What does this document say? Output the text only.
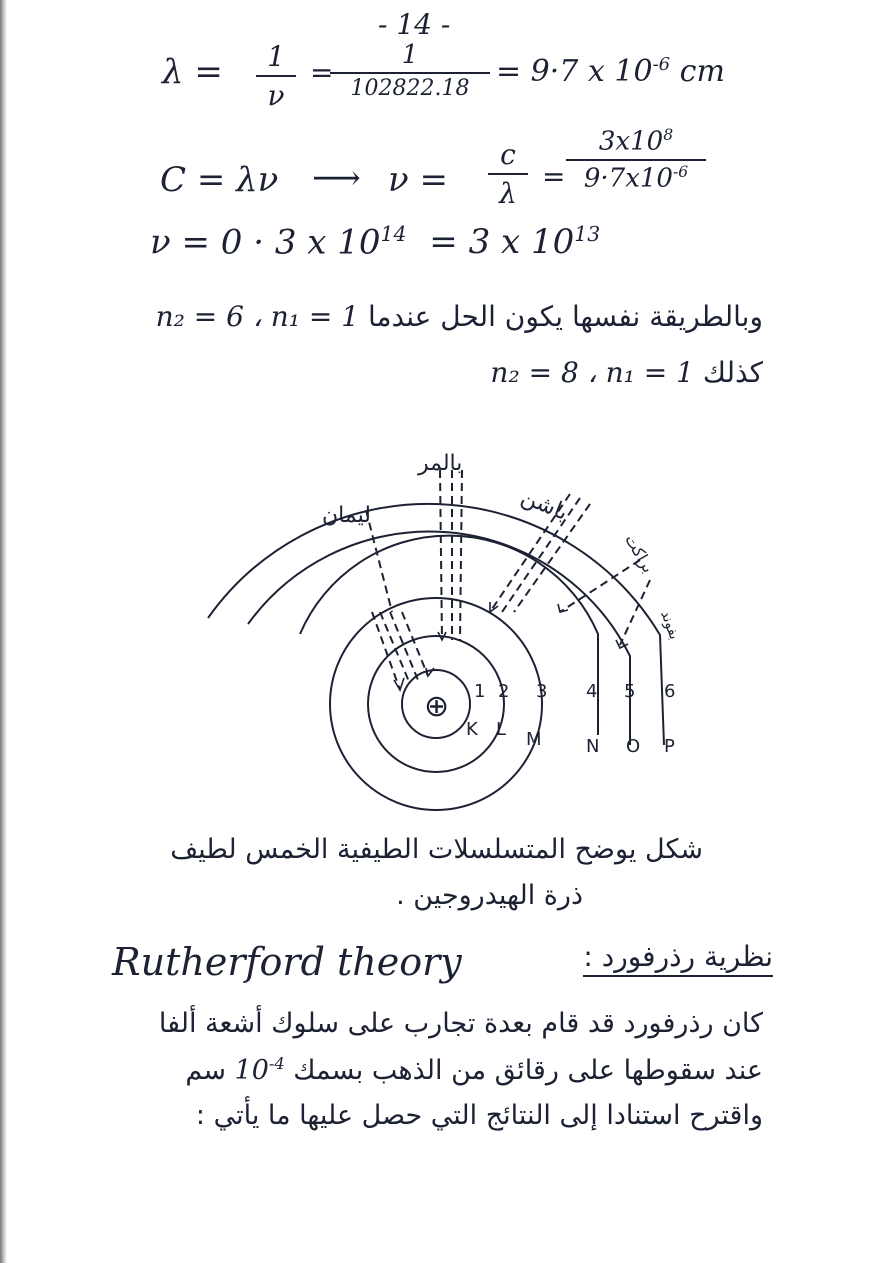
- 14 -
λ =	1
ν
=
1
102822.18 = 9·7 x $10^{-6}$ cm
C = λν ⟶ ν =
c
λ
=
$3x10^8$
$9\cdot 7x10^{-6}$
ν = 0 · 3 x $10^{14} = 3$ x $10^{13}$
وبالطريقة نفسها يكون الحل عندما n₂ = 6 ، n₁ = 1
كذلك n₂ = 8 ، n₁ = 1
⊕ 1 2 3 4 5 6
K L M N O P
ليمان
بالمر
باشن
براكت
بفوند
شكل يوضح المتسلسلات الطيفية الخمس لطيف
ذرة الهيدروجين .
Rutherford theory	نظرية رذرفورد :
كان رذرفورد قد قام بعدة تجارب على سلوك أشعة ألفا
عند سقوطها على رقائق من الذهب بسمك $10^{-4}$ سم
واقترح استنادا إلى النتائج التي حصل عليها ما يأتي :
